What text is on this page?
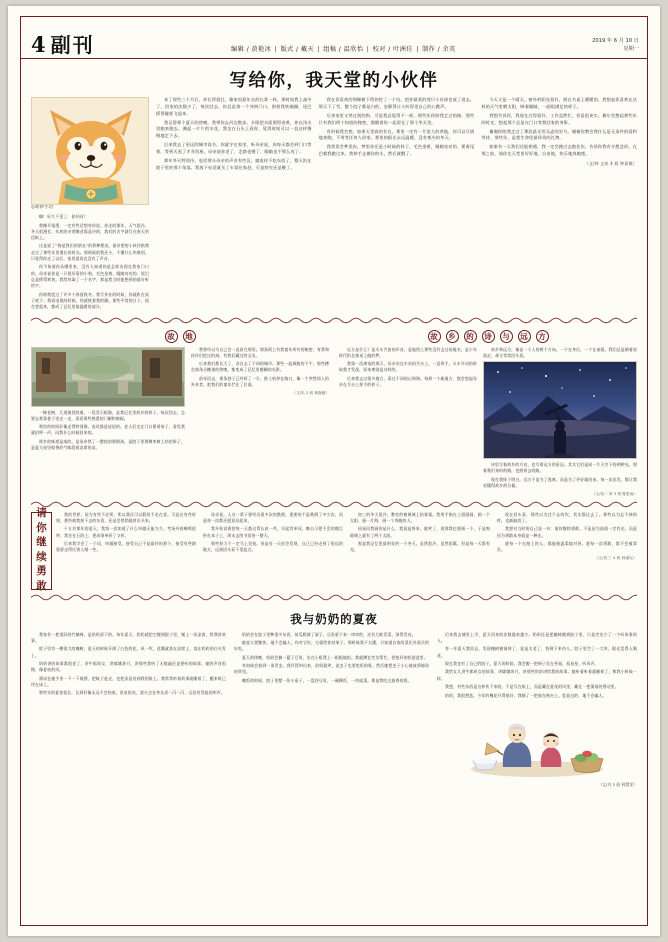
4 副刊	编辑 / 黄艳冰 | 版式 / 戴天 | 组稿 / 温欣怡 | 校对 / 叶洲佳 | 制作 / 余英
2019 年 6 月 10 日
星期一
写给你，我天堂的小伙伴

◎胡砂小语

嗨！好久不见了，你好吗？

我摊开笔墨，一定有些话想对你说。你走的那年，天气很冷，冬天很漫长，年底的亲朋聚首都是冷的，我们的名字就写在春天的信纸上。

这是说了“狗是我们的朋友”的那种理由。最亲密的小伙伴陪我走过了那些年里漫长的时光。那时候的我还小，不懂什么叫离别，只觉得你走了以后，家里就再也没有了声音。

你不知道你从哪里来，没有人知道你是怎样出现在我家门口的。母亲说你是一只很好看的小狗，毛色金黄，眼睛亮亮的，尾巴总是摇得欢快。我给你取了一个名字，那是我当时能想到的最好听的字。

你陪我度过了许多个春夏秋冬。我写作业的时候，你就趴在桌子底下；我看电视的时候，你就枕着我的脚。那些平常的日子，现在想起来，都成了记忆里最温暖的部分。

来了那些三个月后，你长得很壮，像家里最年长的长辈一样。那时候我上高中了，回家的次数少了，每次回去，你总是第一个冲到门口，围着我转圈圈，尾巴摇得像要飞起来。

我记得那个夏天的傍晚，我带你去河边散步。夕阳把水面照得金黄，你在浅水里跑来跑去，溅起一片片的水花。我坐在石头上看你，觉得时间可以一直这样慢慢地走下去。

后来我去了更远的城市读书。你就守在家里，听母亲说，你每天都会到门口等着，等到天黑了才肯回屋。母亲说你老了，走路也慢了，眼睛也不那么亮了。

那年冬天特别冷。电话那头母亲的声音有些沉，她说你不吃东西了，整天趴在院子里的那个角落。我放下电话就买了车票往家赶，可是终究还是晚了。

我在你喜欢的那棵树下给你挖了一个坑，把你最爱的那只小皮球也放了进去。那天下了雪，整个院子都是白的，安静得让人听得见自己的心跳声。

后来家里又养过别的狗，可是我总觉得不一样。那些年你陪我走过的路，那些只有我们两个知道的秘密，都随着你一起留在了那个冬天里。

有时候我会想，如果天堂真的存在，那里一定有一片很大的草地，你可以尽情地奔跑，不用等任何人回家。那里的阳光永远温暖，没有寒冷的冬天。

我常常会梦见你。梦里你还是小时候的样子，毛色金黄，眼睛亮亮的，摇着尾巴朝我跑过来。我伸手去摸你的头，然后就醒了。

今天又是一个晴天。窗外的阳光很好，照在书桌上暖暖的。我想起你喜欢在这样的天气里晒太阳，眯着眼睛，一副很满足的样子。

我想告诉你，我现在过得很好。工作虽然忙，但是很充实。偶尔会想起那些年的时光，想起那个总是在门口等我回家的身影。

谢谢你陪我走过了那段最无忧无虑的岁月。谢谢你教会我什么是无条件的爱和等待。那些年，是我生命里最珍贵的礼物。

如果有一天我们还能相遇，我一定会跑过去抱住你，告诉你我有多想念你。在那之前，请你在天堂里好好地，自由地，快乐地奔跑吧。

（文/林 文炫 4 班 钟嘉敏）
故	地

一棵老树，几道斑驳的墙，一段青石板路，是我记忆里故乡的样子。每次回去，总要去那条巷子里走一走，看看那些熟悉的门楣和窗棂。

那里的时间好像走得特别慢，连风都是轻轻的。老人们坐在门口摇着扇子，看见我就招呼一声，问我什么时候回来的。

故乡的味道是咸的，是母亲熬了一整夜的那锅汤，是院子里那棵枣树上结的果子，是夏天夜里蚊香的气味混着凉席的凉。

我曾经以为自己会一直留在那里。那条街上有我童年所有的秘密，有我和伙伴们挖过的洞，有我们藏过的宝贝。

后来我们都长大了，各自去了不同的城市。那些一起疯跑的下午，那些蹲在墙角分糖果的傍晚，都变成了记忆里模糊的光影。

前年回去，那条巷子已经拆了一半。推土机停在路口，像一个突然闯入的外来者，把我们的童年拦在了后面。

（文/朱 2 班 林晓薇）
故	乡	的	诗	与	远	方

远方是什么？是火车汽笛的声音，是地图上那些没有去过的地名，是少年时代趴在课桌上做的梦。

我第一次离家的那天，母亲站在车站的月台上，一直挥手。火车开动的时候我才发现，原来离别是这样的。

后来我去过很多地方，看过不同的山和海。每到一个新地方，都会想起母亲在月台上挥手的样子。

故乡和远方，像是一个人的两个方向。一个在身后，一个在前面。我们总是朝着前面走，却又常常回头看。

诗里写着故乡的月亮，也写着远方的星辰。其实它们是同一片天空下的两种光，照着我们来时的路，也照着去的路。

现在我终于明白，远方不是为了逃离，而是为了更好地回来。每一次出发，都让我更懂得故乡的分量。

（文/初二 家 3 班 陈思雨）
请
你
继
续
勇
敢

我的世界，因为有些不必须，所以我还可以假装不必在意。可是在有些时刻，那些被我按下去的东西，还是会悄悄地冒出头来。

十五岁那年的夏天，我第一次知道了什么叫做无能为力。考场外的蝉鸣很吵，我坐在石阶上，把成绩单折了又折。

后来我学会了一个词，叫做接受。接受自己不是最好的那个，接受有些路需要走得比别人慢一些。

母亲说，人这一辈子要经历很多次的跌倒，重要的不是跌倒了多少次，而是每一次都还愿意站起来。

我开始试着把每一天都过得认真一些。早起背单词，晚自习把不会的题目抄在本子上，周末去图书馆待一整天。

那些努力不一定马上见效。但是有一天你会发现，自己已经走到了很远的地方，远到回头看不见起点。

初三的冬天很冷，教室的窗玻璃上结着霜。我用手指在上面画画，画一个太阳，画一片海，画一个奔跑的人。

同桌问我画的是什么，我说是将来。她笑了，说那我也要画一个。于是窗玻璃上就有了两个太阳。

那是我记忆里最明亮的一个冬天。虽然很冷，虽然很累，但是每一天都有光。

现在回头看，那些以为过不去的坎，其实都过去了。那些以为忘不掉的疼，也渐渐淡了。

我想对当时的自己说一句：请你继续勇敢。不是因为前面一定有光，而是因为勇敢本身就是一种光。

愿每一个在路上的人，都能被温柔地对待。愿每一次勇敢，都不会被辜负。

（文/初三 4 班 林嘉仪）
我与奶奶的夏夜

我家有一把很旧的竹躺椅，是奶奶留下的。每年夏天，奶奶就把它搬到院子里，铺上一张凉席，给我讲故事。

院子里有一棵很大的槐树，夏天的时候开满了白色的花，风一吹，花瓣就落在凉席上，落在奶奶的白头发上。

奶奶讲的故事都很老了，讲牛郎织女，讲嫦娥奔月，讲那些我听了无数遍还是要听的故事。她的声音很慢，像夏夜的风。

蒲扇在她手里一下一下地摇，把蚊子赶走，也把凉意送到我的脸上。我常常听着故事就睡着了，醒来时已经在床上。

那些年的夏夜很长，长到好像永远不会结束。星星很亮，萤火虫在草丛里一闪一闪，远处有青蛙的叫声。

奶奶会在院子里种很多东西。丝瓜爬满了架子，豆角垂下来一串串的，还有几畦青菜，绿得发亮。

她说人要勤快，地不会骗人，你对它好，它就给你结果子。那时候我不太懂，只知道自家的菜比外面买的好吃。

夏天的傍晚，奶奶会摘一篮子豆角，坐在小板凳上一根根地掐。我就蹲在旁边帮忙，把掐好的扔进盆里。

有时候会掐到一条青虫，我吓得叫出来，奶奶就笑，说虫子也要吃饭的呀。然后她把虫子小心地放到墙角的草里。

晚饭的时候，院子里摆一张小桌子，一盘炒豆角，一碗稀饭，一块咸菜。那是我吃过最香的饭。

后来我去城里上学，夏天回来的次数越来越少。奶奶还是把躺椅搬到院子里，只是旁边少了一个听故事的人。

有一年夏天我回去，发现槐树被锯掉了，说是太老了，怕倒下来伤人。院子里空了一大块，阳光晃得人眼花。

现在我也有了自己的院子。夏天的时候，我会搬一把椅子坐在外面，看星星，听风声。

我给女儿讲牛郎织女的故事，讲嫦娥奔月，讲那些奶奶讲给我的故事。她听着听着就睡着了，和我小时候一样。

我想，有些东西是这样传下来的。不是写在纸上，而是藏在夏夜的风里，藏在一把蒲扇的摇动里。

奶奶，我很想您。今年的槐花开得很好，我摘了一把放在窗台上。您说过的，地不会骗人。

（文/丹 2 班 林慧雯）
